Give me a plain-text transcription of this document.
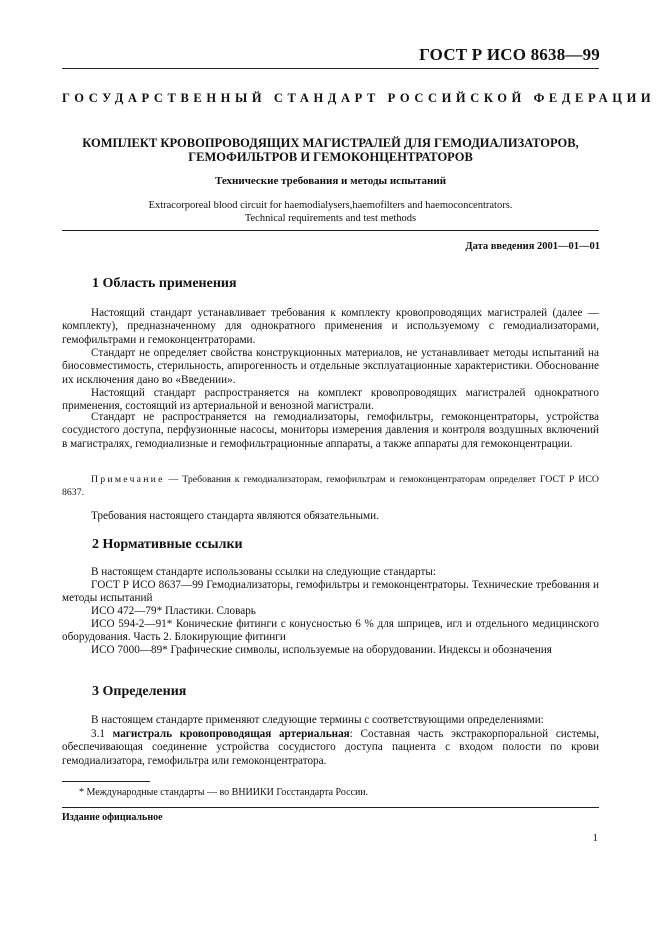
ГОСТ Р ИСО 8638—99
ГОСУДАРСТВЕННЫЙ СТАНДАРТ РОССИЙСКОЙ ФЕДЕРАЦИИ
КОМПЛЕКТ КРОВОПРОВОДЯЩИХ МАГИСТРАЛЕЙ ДЛЯ ГЕМОДИАЛИЗАТОРОВ,
ГЕМОФИЛЬТРОВ И ГЕМОКОНЦЕНТРАТОРОВ
Технические требования и методы испытаний
Extracorporeal blood circuit for haemodialysers,haemofilters and haemoconcentrators.
Technical requirements and test methods
Дата введения 2001—01—01
1 Область применения

Настоящий стандарт устанавливает требования к комплекту кровопроводящих магистралей (далее — комплекту), предназначенному для однократного применения и используемому с гемодиализаторами, гемофильтрами и гемоконцентраторами.

Стандарт не определяет свойства конструкционных материалов, не устанавливает методы испытаний на биосовместимость, стерильность, апирогенность и отдельные эксплуатационные характеристики. Обоснование их исключения дано во «Введении».

Настоящий стандарт распространяется на комплект кровопроводящих магистралей однократного применения, состоящий из артериальной и венозной магистрали.

Стандарт не распространяется на гемодиализаторы, гемофильтры, гемоконцентраторы, устройства сосудистого доступа, перфузионные насосы, мониторы измерения давления и контроля воздушных включений в магистралях, гемодиализные и гемофильтрационные аппараты, а также аппараты для гемоконцентрации.

Примечание — Требования к гемодиализаторам, гемофильтрам и гемоконцентраторам определяет ГОСТ Р ИСО 8637.

Требования настоящего стандарта являются обязательными.

2 Нормативные ссылки

В настоящем стандарте использованы ссылки на следующие стандарты:

ГОСТ Р ИСО 8637—99 Гемодиализаторы, гемофильтры и гемоконцентраторы. Технические требования и методы испытаний

ИСО 472—79* Пластики. Словарь

ИСО 594-2—91* Конические фитинги с конусностью 6 % для шприцев, игл и отдельного медицинского оборудования. Часть 2. Блокирующие фитинги

ИСО 7000—89* Графические символы, используемые на оборудовании. Индексы и обозначения

3 Определения

В настоящем стандарте применяют следующие термины с соответствующими определениями:

3.1 магистраль кровопроводящая артериальная: Составная часть экстракорпоральной системы, обеспечивающая соединение устройства сосудистого доступа пациента с входом полости по крови гемодиализатора, гемофильтра или гемоконцентратора.

* Международные стандарты — во ВНИИКИ Госстандарта России.
Издание официальное
1
